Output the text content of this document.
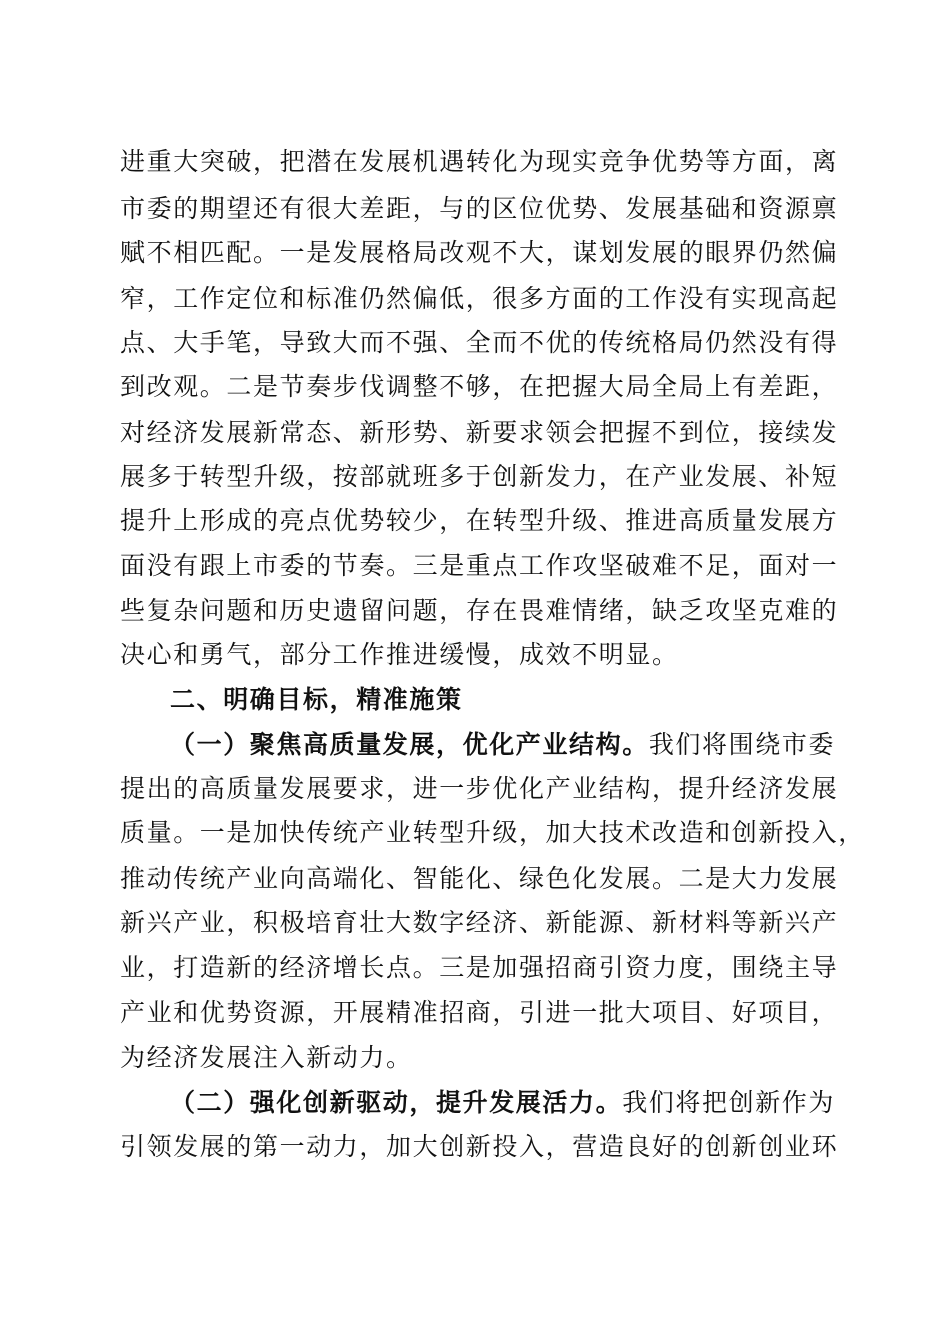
进重大突破，把潜在发展机遇转化为现实竞争优势等方面，离
市委的期望还有很大差距，与的区位优势、发展基础和资源禀
赋不相匹配。一是发展格局改观不大，谋划发展的眼界仍然偏
窄，工作定位和标准仍然偏低，很多方面的工作没有实现高起
点、大手笔，导致大而不强、全而不优的传统格局仍然没有得
到改观。二是节奏步伐调整不够，在把握大局全局上有差距，
对经济发展新常态、新形势、新要求领会把握不到位，接续发
展多于转型升级，按部就班多于创新发力，在产业发展、补短
提升上形成的亮点优势较少，在转型升级、推进高质量发展方
面没有跟上市委的节奏。三是重点工作攻坚破难不足，面对一
些复杂问题和历史遗留问题，存在畏难情绪，缺乏攻坚克难的
决心和勇气，部分工作推进缓慢，成效不明显。
二、明确目标，精准施策
（一）聚焦高质量发展，优化产业结构。我们将围绕市委
提出的高质量发展要求，进一步优化产业结构，提升经济发展
质量。一是加快传统产业转型升级，加大技术改造和创新投入，
推动传统产业向高端化、智能化、绿色化发展。二是大力发展
新兴产业，积极培育壮大数字经济、新能源、新材料等新兴产
业，打造新的经济增长点。三是加强招商引资力度，围绕主导
产业和优势资源，开展精准招商，引进一批大项目、好项目，
为经济发展注入新动力。
（二）强化创新驱动，提升发展活力。我们将把创新作为
引领发展的第一动力，加大创新投入，营造良好的创新创业环
